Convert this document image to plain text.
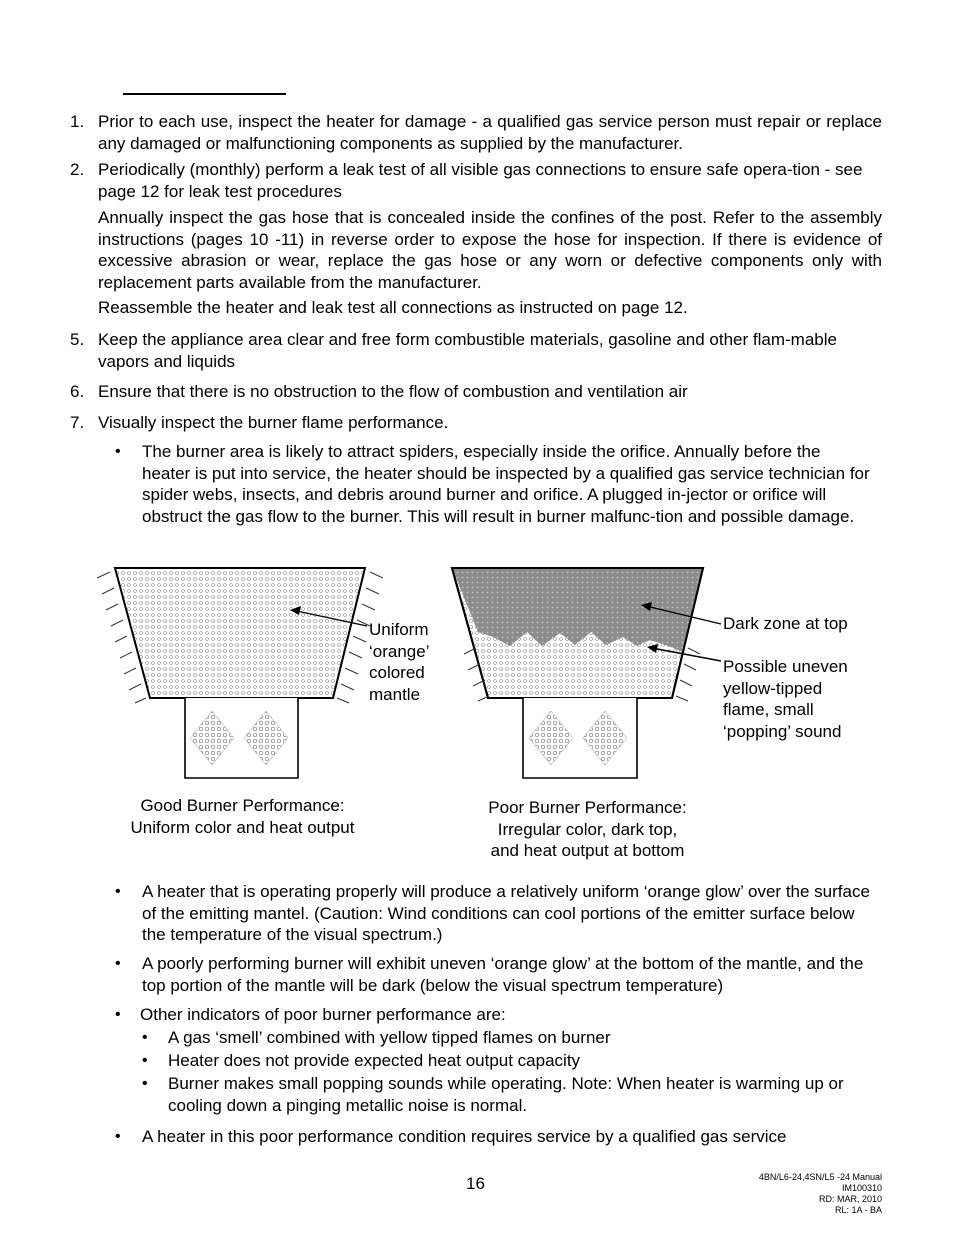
1. Prior to each use, inspect the heater for damage - a qualified gas service person must repair or replace any damaged or malfunctioning components as supplied by the manufacturer.
2. Periodically (monthly) perform a leak test of all visible gas connections to ensure safe opera-tion - see page 12 for leak test procedures
Annually inspect the gas hose that is concealed inside the confines of the post. Refer to the assembly instructions (pages 10 -11) in reverse order to expose the hose for inspection. If there is evidence of excessive abrasion or wear, replace the gas hose or any worn or defective components only with replacement parts available from the manufacturer.
Reassemble the heater and leak test all connections as instructed on page 12.
5. Keep the appliance area clear and free form combustible materials, gasoline and other flam-mable vapors and liquids
6. Ensure that there is no obstruction to the flow of combustion and ventilation air
7. Visually inspect the burner flame performance.
• The burner area is likely to attract spiders, especially inside the orifice. Annually before the heater is put into service, the heater should be inspected by a qualified gas service technician for spider webs, insects, and debris around burner and orifice. A plugged in-jector or orifice will obstruct the gas flow to the burner. This will result in burner malfunc-tion and possible damage.
Uniform
‘orange’
colored
mantle
Dark zone at top
Possible uneven
yellow-tipped
flame, small
‘popping’ sound
Good Burner Performance:
Uniform color and heat output
Poor Burner Performance:
Irregular color, dark top,
and heat output at bottom
• A heater that is operating properly will produce a relatively uniform ‘orange glow’ over the surface of the emitting mantel. (Caution: Wind conditions can cool portions of the emitter surface below the temperature of the visual spectrum.)
• A poorly performing burner will exhibit uneven ‘orange glow’ at the bottom of the mantle, and the top portion of the mantle will be dark (below the visual spectrum temperature)
• Other indicators of poor burner performance are:
• A gas ‘smell’ combined with yellow tipped flames on burner
• Heater does not provide expected heat output capacity
• Burner makes small popping sounds while operating. Note: When heater is warming up or cooling down a pinging metallic noise is normal.
• A heater in this poor performance condition requires service by a qualified gas service
16	4BN/L6-24,4SN/L5 -24 Manual
IM100310
RD: MAR, 2010
RL: 1A - BA
